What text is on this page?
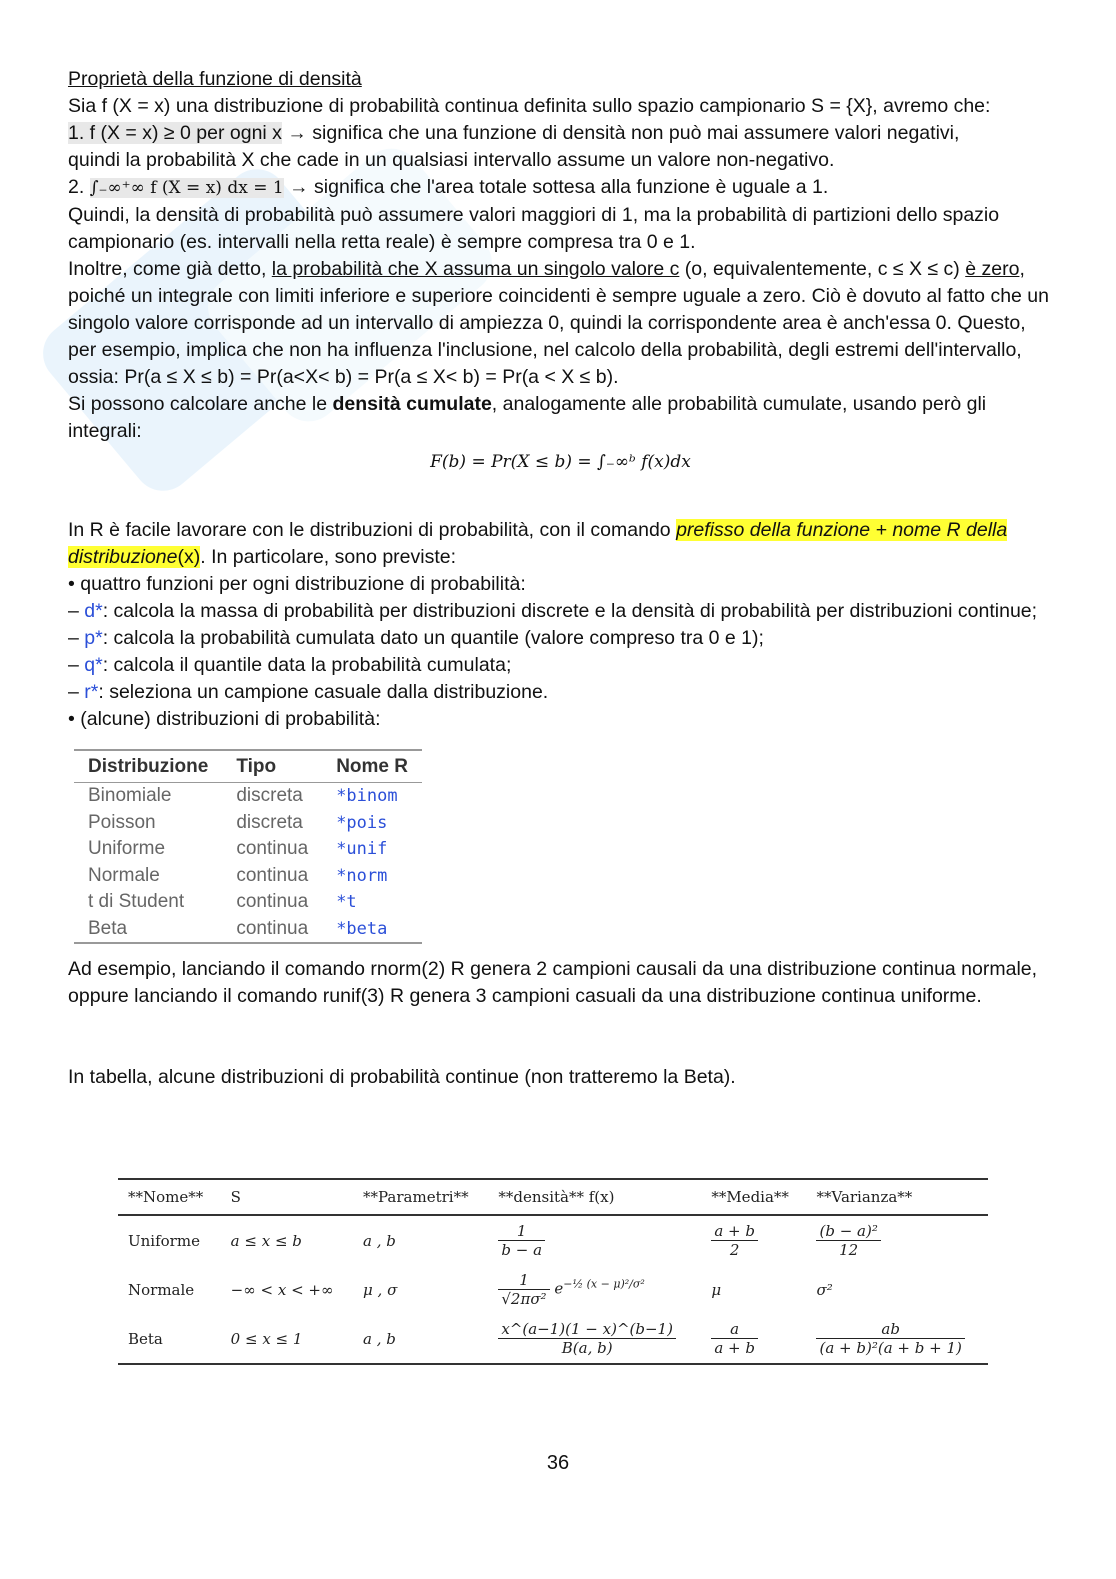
Proprietà della funzione di densità

Sia f (X = x) una distribuzione di probabilità continua definita sullo spazio campionario S = {X}, avremo che:

1. f (X = x) ≥ 0 per ogni x → significa che una funzione di densità non può mai assumere valori negativi,

quindi la probabilità X che cade in un qualsiasi intervallo assume un valore non-negativo.

2. ∫₋∞⁺∞ f (X = x) dx = 1 → significa che l'area totale sottesa alla funzione è uguale a 1.

Quindi, la densità di probabilità può assumere valori maggiori di 1, ma la probabilità di partizioni dello spazio campionario (es. intervalli nella retta reale) è sempre compresa tra 0 e 1.

Inoltre, come già detto, la probabilità che X assuma un singolo valore c (o, equivalentemente, c ≤ X ≤ c) è zero, poiché un integrale con limiti inferiore e superiore coincidenti è sempre uguale a zero. Ciò è dovuto al fatto che un singolo valore corrisponde ad un intervallo di ampiezza 0, quindi la corrispondente area è anch'essa 0. Questo, per esempio, implica che non ha influenza l'inclusione, nel calcolo della probabilità, degli estremi dell'intervallo, ossia: Pr(a ≤ X ≤ b) = Pr(a<X< b) = Pr(a ≤ X< b) = Pr(a < X ≤ b).

Si possono calcolare anche le densità cumulate, analogamente alle probabilità cumulate, usando però gli integrali:

F(b) = Pr(X ≤ b) = ∫₋∞ᵇ f(x)dx

In R è facile lavorare con le distribuzioni di probabilità, con il comando prefisso della funzione + nome R della distribuzione(x). In particolare, sono previste:

• quattro funzioni per ogni distribuzione di probabilità:

– d*: calcola la massa di probabilità per distribuzioni discrete e la densità di probabilità per distribuzioni continue;

– p*: calcola la probabilità cumulata dato un quantile (valore compreso tra 0 e 1);

– q*: calcola il quantile data la probabilità cumulata;

– r*: seleziona un campione casuale dalla distribuzione.

• (alcune) distribuzioni di probabilità:

Distribuzione	Tipo	Nome R
Binomiale	discreta	*binom
Poisson	discreta	*pois
Uniforme	continua	*unif
Normale	continua	*norm
t di Student	continua	*t
Beta	continua	*beta

Ad esempio, lanciando il comando rnorm(2) R genera 2 campioni causali da una distribuzione continua normale, oppure lanciando il comando runif(3) R genera 3 campioni casuali da una distribuzione continua uniforme.

In tabella, alcune distribuzioni di probabilità continue (non tratteremo la Beta).

**Nome**	S	**Parametri**	**densità** f(x)	**Media**	**Varianza**
Uniforme	a ≤ x ≤ b	a , b	$\frac{1}{b - a}$	$\frac{a + b}{2}$	$\frac{\text{(b − a)²}}{12}$

Normale	−∞ < x < +∞	μ , σ	$\frac{1}{\text{√2πσ²}} e^{-\frac{1}{2} (x - \mu)^2/\sigma^2}$	μ	σ²
Beta	0 ≤ x ≤ 1	a , b	$\frac{x\^{}(a-1)(1 - x)\^{}(b-1)}{B(a, b)}$	$\frac{a}{a + b}$	$\frac{ab}{\text{(a + b)²(a + b + 1)}}$
36
